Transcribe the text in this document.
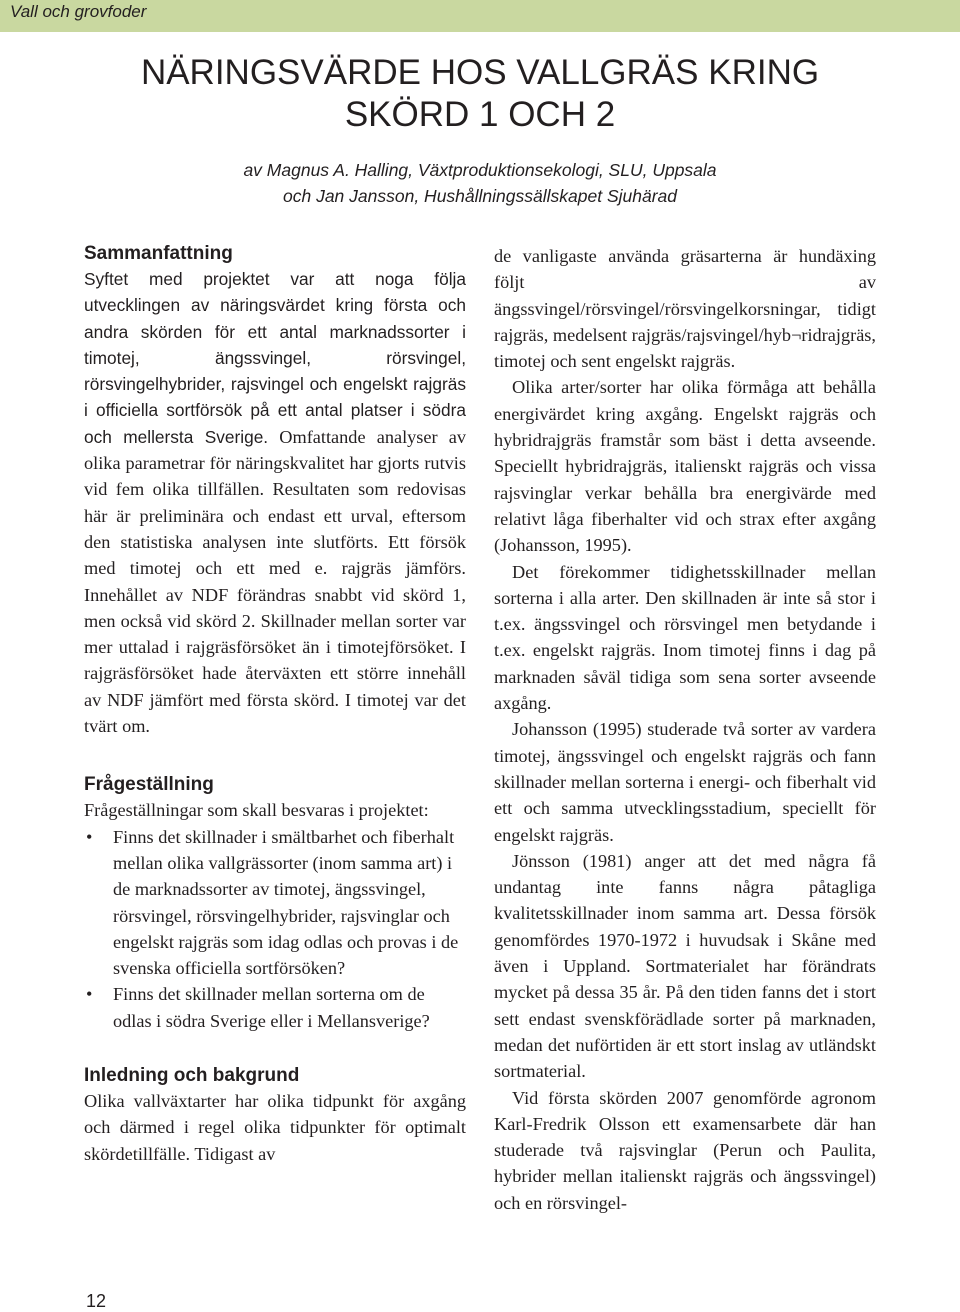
Vall och grovfoder
NÄRINGSVÄRDE HOS VALLGRÄS KRING
SKÖRD 1 OCH 2
av Magnus A. Halling, Växtproduktionsekologi, SLU, Uppsala
och Jan Jansson, Hushållningssällskapet Sjuhärad
Sammanfattning

Syftet med projektet var att noga följa utvecklingen av näringsvärdet kring första och andra skörden för ett antal marknadssorter i timotej, ängssvingel, rörsvingel, rörsvingelhybrider, rajsvingel och engelskt rajgräs i officiella sortförsök på ett antal platser i södra och mellersta Sverige. Omfattande analyser av olika parametrar för näringskvalitet har gjorts rutvis vid fem olika tillfällen. Resultaten som redovisas här är preliminära och endast ett urval, eftersom den statistiska analysen inte slutförts. Ett försök med timotej och ett med e. rajgräs jämförs. Innehållet av NDF förändras snabbt vid skörd 1, men också vid skörd 2. Skillnader mellan sorter var mer uttalad i rajgräsförsöket än i timotejförsöket. I rajgräsförsöket hade återväxten ett större innehåll av NDF jämfört med första skörd. I timotej var det tvärt om.

Frågeställning

Frågeställningar som skall besvaras i projektet:

• Finns det skillnader i smältbarhet och fiberhalt mellan olika vallgrässorter (inom samma art) i de marknadssorter av timotej, ängssvingel, rörsvingel, rörsvingelhybrider, rajsvinglar och engelskt rajgräs som idag odlas och provas i de svenska officiella sortförsöken?
• Finns det skillnader mellan sorterna om de odlas i södra Sverige eller i Mellansverige?
Inledning och bakgrund

Olika vallväxtarter har olika tidpunkt för axgång och därmed i regel olika tidpunkter för optimalt skördetillfälle. Tidigast av

de vanligaste använda gräsarterna är hundäxing följt av ängssvingel/rörsvingel/rörsvingelkorsningar, tidigt rajgräs, medelsent rajgräs/rajsvingel/hyb¬ridrajgräs, timotej och sent engelskt rajgräs.

Olika arter/sorter har olika förmåga att behålla energivärdet kring axgång. Engelskt rajgräs och hybridrajgräs framstår som bäst i detta avseende. Speciellt hybridrajgräs, italienskt rajgräs och vissa rajsvinglar verkar behålla bra energivärde med relativt låga fiberhalter vid och strax efter axgång (Johansson, 1995).

Det förekommer tidighetsskillnader mellan sorterna i alla arter. Den skillnaden är inte så stor i t.ex. ängssvingel och rörsvingel men betydande i t.ex. engelskt rajgräs. Inom timotej finns i dag på marknaden såväl tidiga som sena sorter avseende axgång.

Johansson (1995) studerade två sorter av vardera timotej, ängssvingel och engelskt rajgräs och fann skillnader mellan sorterna i energi- och fiberhalt vid ett och samma utvecklingsstadium, speciellt för engelskt rajgräs.

Jönsson (1981) anger att det med några få undantag inte fanns några påtagliga kvalitetsskillnader inom samma art. Dessa försök genomfördes 1970-1972 i huvudsak i Skåne med även i Uppland. Sortmaterialet har förändrats mycket på dessa 35 år. På den tiden fanns det i stort sett endast svenskförädlade sorter på marknaden, medan det nuförtiden är ett stort inslag av utländskt sortmaterial.

Vid första skörden 2007 genomförde agronom Karl-Fredrik Olsson ett examensarbete där han studerade två rajsvinglar (Perun och Paulita, hybrider mellan italienskt rajgräs och ängssvingel) och en rörsvingel-

12
